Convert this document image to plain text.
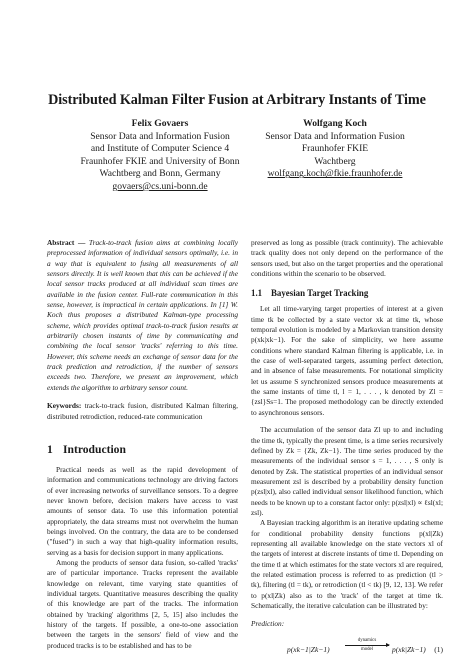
Distributed Kalman Filter Fusion at Arbitrary Instants of Time
Felix Govaers
Sensor Data and Information Fusion
and Institute of Computer Science 4
Fraunhofer FKIE and University of Bonn
Wachtberg and Bonn, Germany
govaers@cs.uni-bonn.de
Wolfgang Koch
Sensor Data and Information Fusion
Fraunhofer FKIE
Wachtberg
wolfgang.koch@fkie.fraunhofer.de

Abstract — Track-to-track fusion aims at combining locally preprocessed information of individual sensors optimally, i.e. in a way that is equivalent to fusing all measurements of all sensors directly. It is well known that this can be achieved if the local sensor tracks produced at all individual scan times are available in the fusion center. Full-rate communication in this sense, however, is impractical in certain applications. In [1] W. Koch thus proposes a distributed Kalman-type processing scheme, which provides optimal track-to-track fusion results at arbitrarily chosen instants of time by communicating and combining the local sensor 'tracks' referring to this time. However, this scheme needs an exchange of sensor data for the track prediction and retrodiction, if the number of sensors exceeds two. Therefore, we present an improvement, which extends the algorithm to arbitrary sensor count.

Keywords: track-to-track fusion, distributed Kalman filtering, distributed retrodiction, reduced-rate communication

1 Introduction

Practical needs as well as the rapid development of information and communications technology are driving factors of ever increasing networks of surveillance sensors. To a degree never known before, decision makers have access to vast amounts of sensor data. To use this information potential appropriately, the data streams must not overwhelm the human beings involved. On the contrary, the data are to be condensed ("fused") in such a way that high-quality information results, serving as a basis for decision support in many applications.

Among the products of sensor data fusion, so-called 'tracks' are of particular importance. Tracks represent the available knowledge on relevant, time varying state quantities of individual targets. Quantitative measures describing the quality of this knowledge are part of the tracks. The information obtained by 'tracking' algorithms [2, 5, 15] also includes the history of the targets. If possible, a one-to-one association between the targets in the sensors' field of view and the produced tracks is to be established and has to be

preserved as long as possible (track continuity). The achievable track quality does not only depend on the performance of the sensors used, but also on the target properties and the operational conditions within the scenario to be observed.

1.1 Bayesian Target Tracking

Let all time-varying target properties of interest at a given time tk be collected by a state vector xk at time tk, whose temporal evolution is modeled by a Markovian transition density p(xk|xk−1). For the sake of simplicity, we here assume conditions where standard Kalman filtering is applicable, i.e. in the case of well-separated targets, assuming perfect detection, and in absence of false measurements. For notational simplicity let us assume S synchronized sensors produce measurements at the same instants of time tl, l = 1, . . . , k denoted by Zl = {zsl}Ss=1. The proposed methodology can be directly extended to asynchronous sensors.

The accumulation of the sensor data Zl up to and including the time tk, typically the present time, is a time series recursively defined by Zk = {Zk, Zk−1}. The time series produced by the measurements of the individual sensor s = 1, . . . , S only is denoted by Zsk. The statistical properties of an individual sensor measurement zsl is described by a probability density function p(zsl|xl), also called individual sensor likelihood function, which needs to be known up to a constant factor only: p(zsl|xl) ∝ ℓsl(xl; zsl).

A Bayesian tracking algorithm is an iterative updating scheme for conditional probability density functions p(xl|Zk) representing all available knowledge on the state vectors xl of the targets of interest at discrete instants of time tl. Depending on the time tl at which estimates for the state vectors xl are required, the related estimation process is referred to as prediction (tl > tk), filtering (tl = tk), or retrodiction (tl < tk) [9, 12, 13]. We refer to p(xl|Zk) also as to the 'track' of the target at time tk. Schematically, the iterative calculation can be illustrated by:

Prediction:
p(xk−1|Zk−1)
dynamics
model	p(xk|Zk−1) (1)
